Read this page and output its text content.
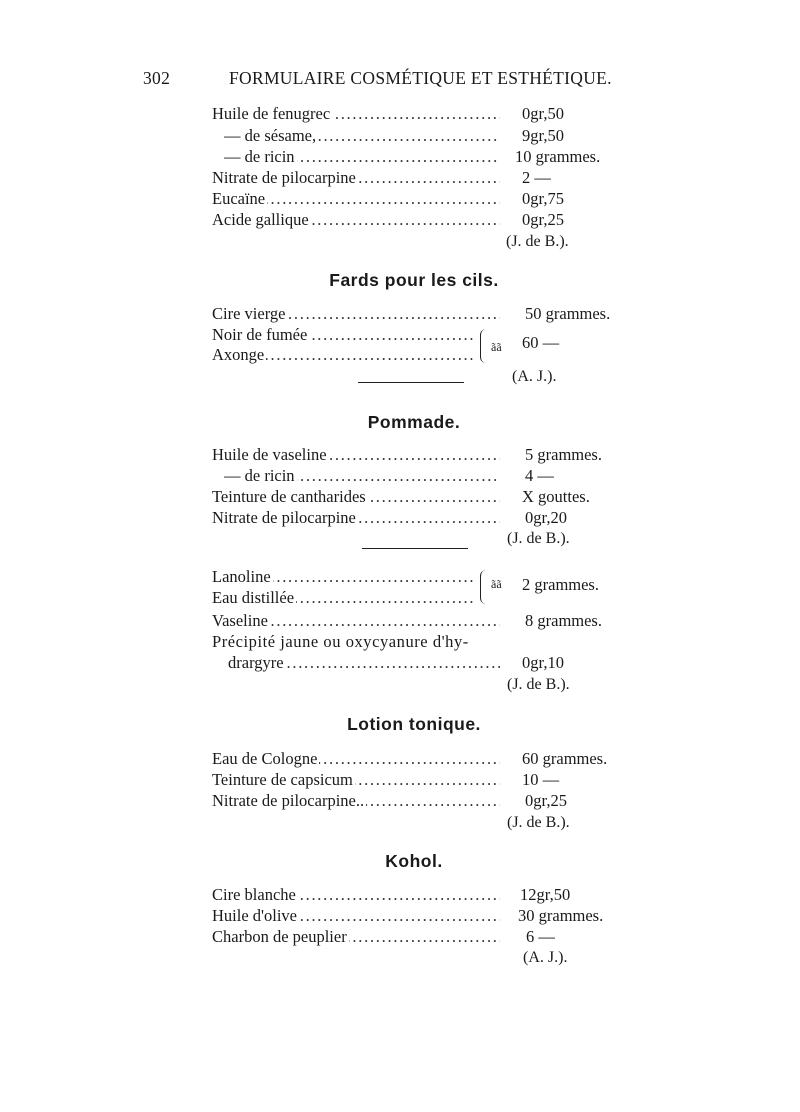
302	FORMULAIRE COSMÉTIQUE ET ESTHÉTIQUE.
Huile de fenugrec . . .	0gr,50
— de sésame, . . .	9gr,50
— de ricin . . .	10 grammes.
Nitrate de pilocarpine . . .	2 —
Eucaïne . . .	0gr,75
Acide gallique . . .	0gr,25
(J. de B.).
Fards pour les cils.
Cire vierge . . .	50 grammes.
Noir de fumée . . .
Axonge . . .	ãã 60 —
(A. J.).
Pommade.
Huile de vaseline . . .	5 grammes.
— de ricin . . .	4 —
Teinture de cantharides . . .	X gouttes.
Nitrate de pilocarpine . . .	0gr,20
(J. de B.).
Lanoline . . .
Eau distillée . . .
ãã 2 grammes.
Vaseline . . .	8 grammes.
Précipité jaune ou oxycyanure d'hy-
drargyre . . .	0gr,10
(J. de B.).
Lotion tonique.
Eau de Cologne . . .	60 grammes.
Teinture de capsicum . . .	10 —
Nitrate de pilocarpine.. . . .	0gr,25
(J. de B.).
Kohol.
Cire blanche . . .	12gr,50
Huile d'olive . . .	30 grammes.
Charbon de peuplier . . .	6 —
(A. J.).
